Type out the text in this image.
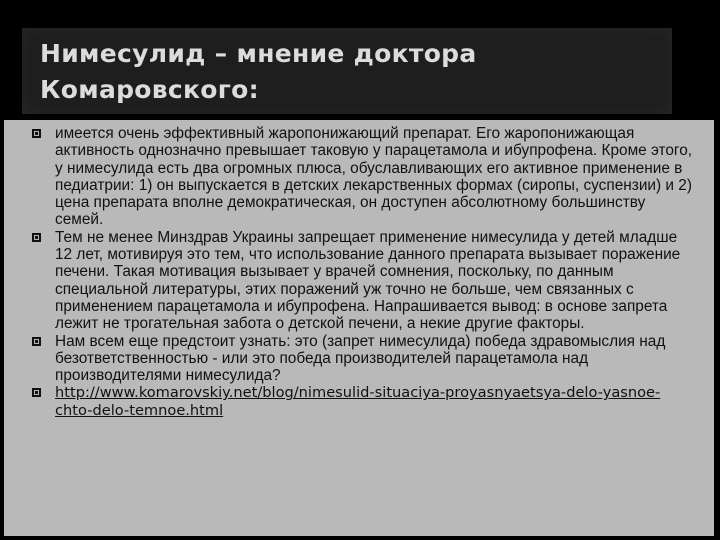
Нимесулид – мнение доктора
Комаровского:
имеется очень эффективный жаропонижающий препарат. Его жаропонижающая активность однозначно превышает таковую у парацетамола и ибупрофена. Кроме этого, у нимесулида есть два огромных плюса, обуславливающих его активное применение в педиатрии: 1) он выпускается в детских лекарственных формах (сиропы, суспензии) и 2) цена препарата вполне демократическая, он доступен абсолютному большинству семей.
Тем не менее Минздрав Украины запрещает применение нимесулида у детей младше 12 лет, мотивируя это тем, что использование данного препарата вызывает поражение печени. Такая мотивация вызывает у врачей сомнения, поскольку, по данным специальной литературы, этих поражений уж точно не больше, чем связанных с применением парацетамола и ибупрофена. Напрашивается вывод: в основе запрета лежит не трогательная забота о детской печени, а некие другие факторы.
Нам всем еще предстоит узнать: это (запрет нимесулида) победа здравомыслия над безответственностью - или это победа производителей парацетамола над производителями нимесулида?
http://www.komarovskiy.net/blog/nimesulid-situaciya-proyasnyaetsya-delo-yasnoe-chto-delo-temnoe.html
